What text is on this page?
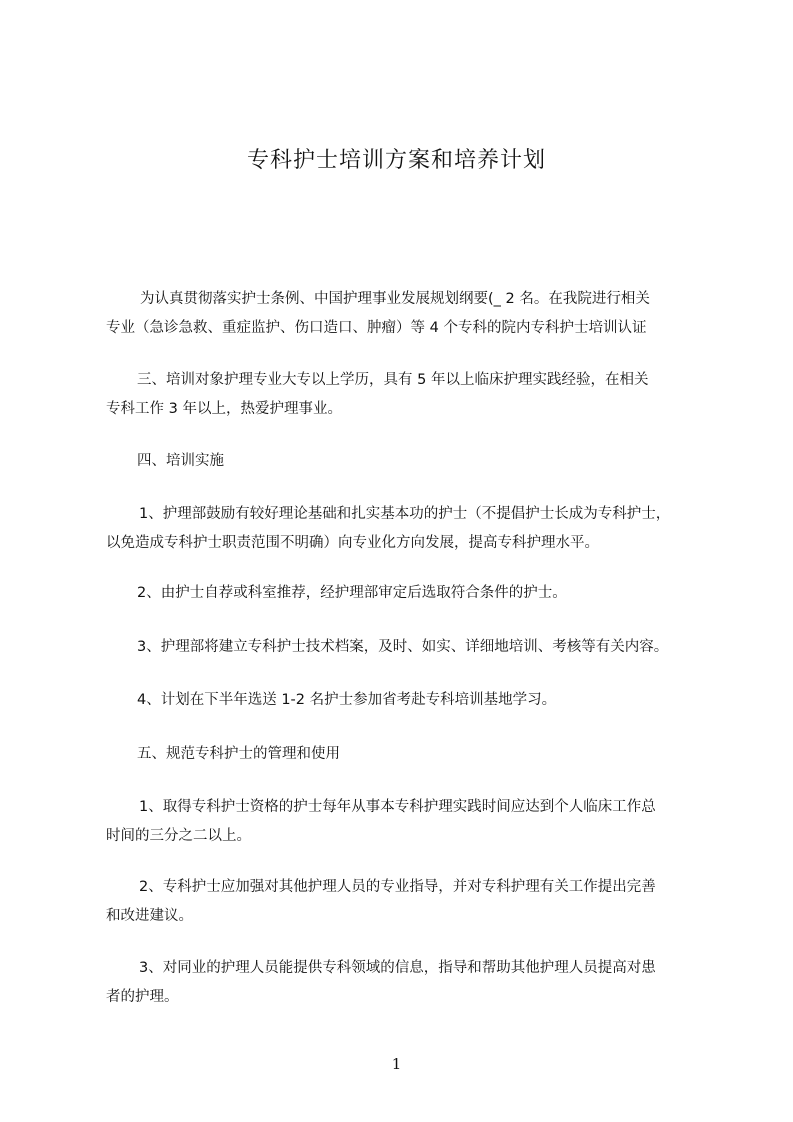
专科护士培训方案和培养计划
为认真贯彻落实护士条例、中国护理事业发展规划纲要(_ 2 名。在我院进行相关
专业（急诊急救、重症监护、伤口造口、肿瘤）等 4 个专科的院内专科护士培训认证
三、培训对象护理专业大专以上学历，具有 5 年以上临床护理实践经验，在相关
专科工作 3 年以上，热爱护理事业。
四、培训实施
1、护理部鼓励有较好理论基础和扎实基本功的护士（不提倡护士长成为专科护士，
以免造成专科护士职责范围不明确）向专业化方向发展，提高专科护理水平。
2、由护士自荐或科室推荐，经护理部审定后选取符合条件的护士。
3、护理部将建立专科护士技术档案，及时、如实、详细地培训、考核等有关内容。
4、计划在下半年选送 1-2 名护士参加省考赴专科培训基地学习。
五、规范专科护士的管理和使用
1、取得专科护士资格的护士每年从事本专科护理实践时间应达到个人临床工作总
时间的三分之二以上。
2、专科护士应加强对其他护理人员的专业指导，并对专科护理有关工作提出完善
和改进建议。
3、对同业的护理人员能提供专科领域的信息，指导和帮助其他护理人员提高对患
者的护理。
1
